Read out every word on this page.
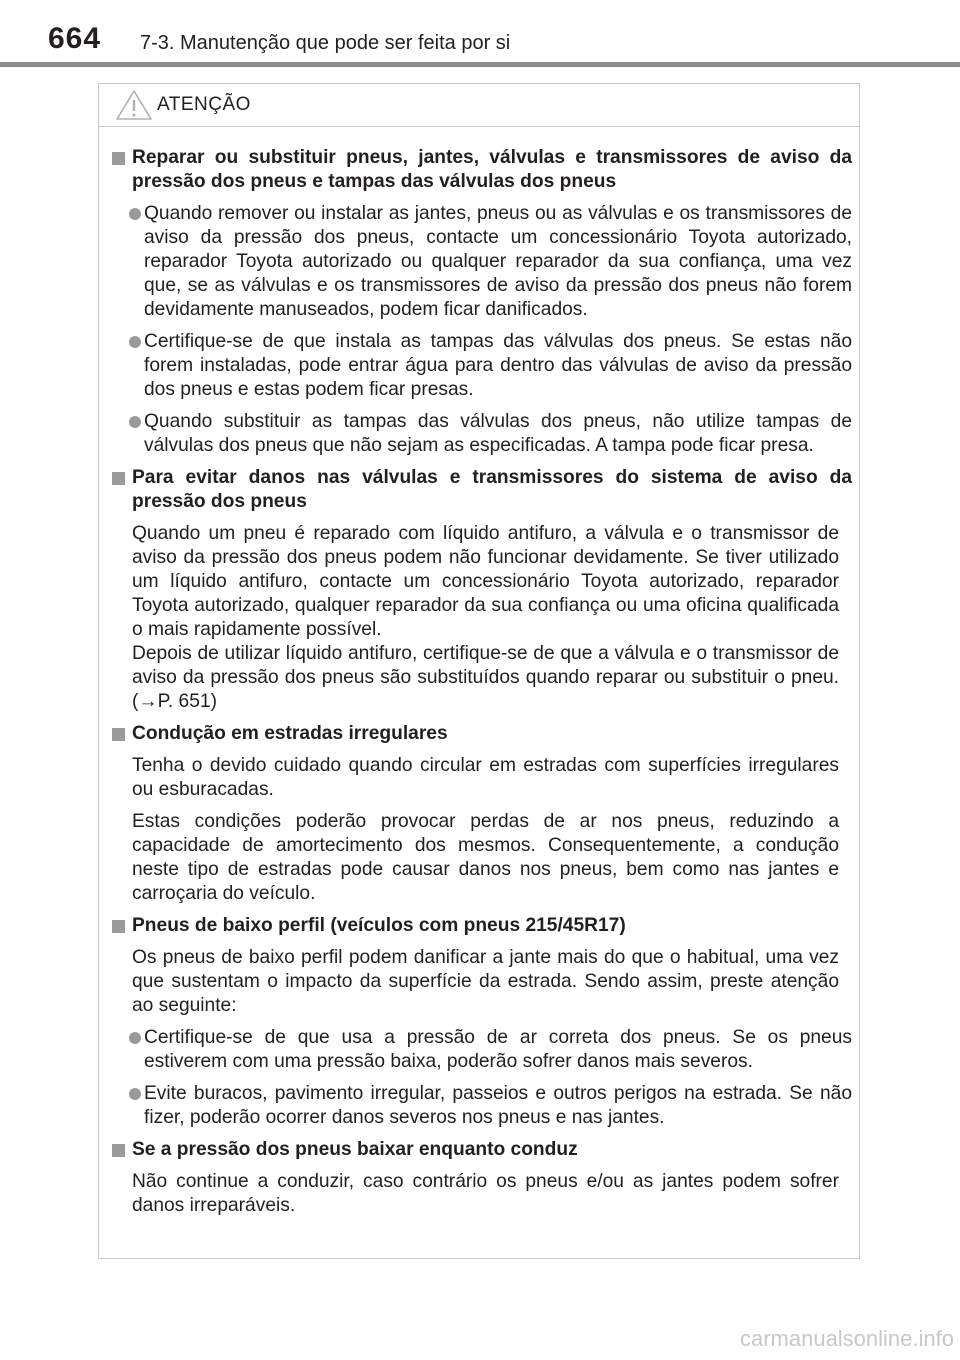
664 7-3. Manutenção que pode ser feita por si
ATENÇÃO
Reparar ou substituir pneus, jantes, válvulas e transmissores de aviso da pressão dos pneus e tampas das válvulas dos pneus
Quando remover ou instalar as jantes, pneus ou as válvulas e os transmissores de aviso da pressão dos pneus, contacte um concessionário Toyota autorizado, reparador Toyota autorizado ou qualquer reparador da sua confiança, uma vez que, se as válvulas e os transmissores de aviso da pressão dos pneus não forem devidamente manuseados, podem ficar danificados.
Certifique-se de que instala as tampas das válvulas dos pneus. Se estas não forem instaladas, pode entrar água para dentro das válvulas de aviso da pressão dos pneus e estas podem ficar presas.
Quando substituir as tampas das válvulas dos pneus, não utilize tampas de válvulas dos pneus que não sejam as especificadas. A tampa pode ficar presa.
Para evitar danos nas válvulas e transmissores do sistema de aviso da pressão dos pneus
Quando um pneu é reparado com líquido antifuro, a válvula e o transmissor de aviso da pressão dos pneus podem não funcionar devidamente. Se tiver utilizado um líquido antifuro, contacte um concessionário Toyota autorizado, reparador Toyota autorizado, qualquer reparador da sua confiança ou uma oficina qualificada o mais rapidamente possível.
Depois de utilizar líquido antifuro, certifique-se de que a válvula e o transmissor de aviso da pressão dos pneus são substituídos quando reparar ou substituir o pneu. (→P. 651)
Condução em estradas irregulares
Tenha o devido cuidado quando circular em estradas com superfícies irregulares ou esburacadas.
Estas condições poderão provocar perdas de ar nos pneus, reduzindo a capacidade de amortecimento dos mesmos. Consequentemente, a condução neste tipo de estradas pode causar danos nos pneus, bem como nas jantes e carroçaria do veículo.
Pneus de baixo perfil (veículos com pneus 215/45R17)
Os pneus de baixo perfil podem danificar a jante mais do que o habitual, uma vez que sustentam o impacto da superfície da estrada. Sendo assim, preste atenção ao seguinte:
Certifique-se de que usa a pressão de ar correta dos pneus. Se os pneus estiverem com uma pressão baixa, poderão sofrer danos mais severos.
Evite buracos, pavimento irregular, passeios e outros perigos na estrada. Se não fizer, poderão ocorrer danos severos nos pneus e nas jantes.
Se a pressão dos pneus baixar enquanto conduz
Não continue a conduzir, caso contrário os pneus e/ou as jantes podem sofrer danos irreparáveis.
carmanualsonline.info
